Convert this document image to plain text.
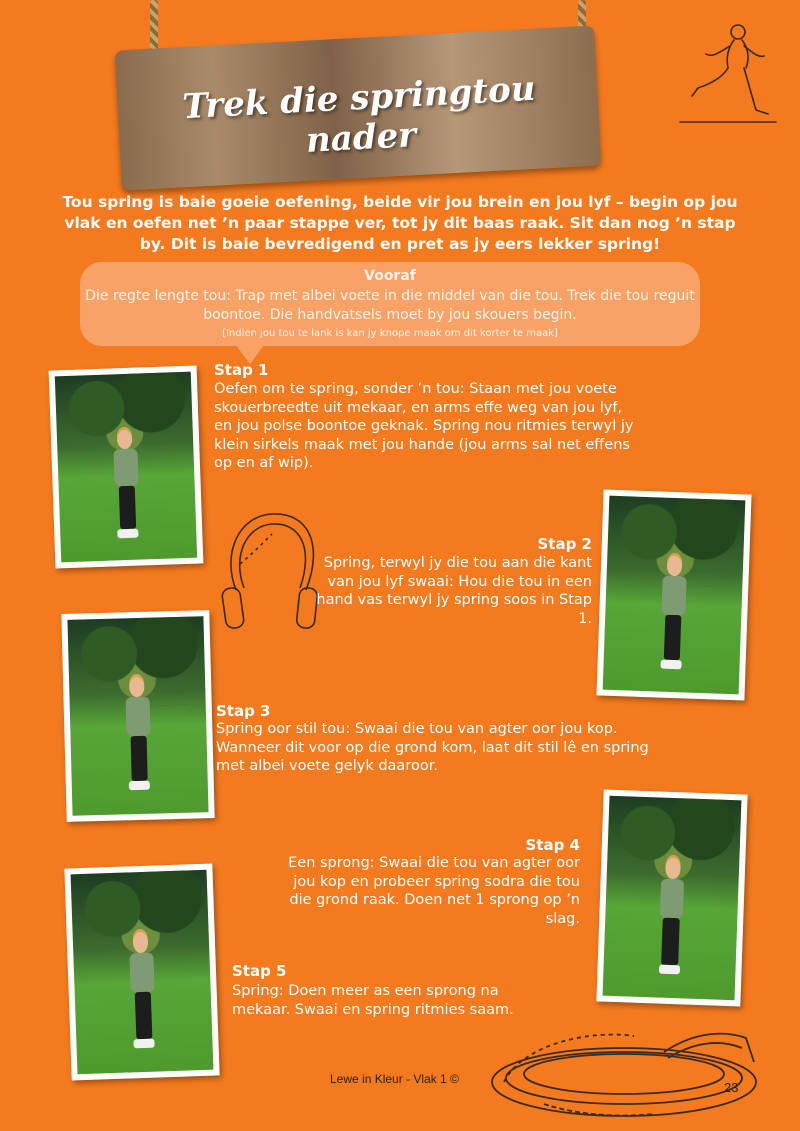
Trek die springtou nader
Tou spring is baie goeie oefening, beide vir jou brein en jou lyf – begin op jou vlak en oefen net ’n paar stappe ver, tot jy dit baas raak. Sit dan nog ’n stap by. Dit is baie bevredigend en pret as jy eers lekker spring!
Vooraf
Die regte lengte tou: Trap met albei voete in die middel van die tou. Trek die tou reguit boontoe. Die handvatsels moet by jou skouers begin.
[Indien jou tou te lank is kan jy knope maak om dit korter te maak]
Stap 1
Oefen om te spring, sonder ’n tou: Staan met jou voete skouerbreedte uit mekaar, en arms effe weg van jou lyf, en jou polse boontoe geknak. Spring nou ritmies terwyl jy klein sirkels maak met jou hande (jou arms sal net effens op en af wip).
Stap 2
Spring, terwyl jy die tou aan die kant van jou lyf swaai: Hou die tou in een hand vas terwyl jy spring soos in Stap 1.
Stap 3
Spring oor stil tou: Swaai die tou van agter oor jou kop. Wanneer dit voor op die grond kom, laat dit stil lê en spring met albei voete gelyk daaroor.
Stap 4
Een sprong: Swaai die tou van agter oor jou kop en probeer spring sodra die tou die grond raak. Doen net 1 sprong op ’n slag.
Stap 5
Spring: Doen meer as een sprong na mekaar. Swaai en spring ritmies saam.
Lewe in Kleur - Vlak 1 ©
23
